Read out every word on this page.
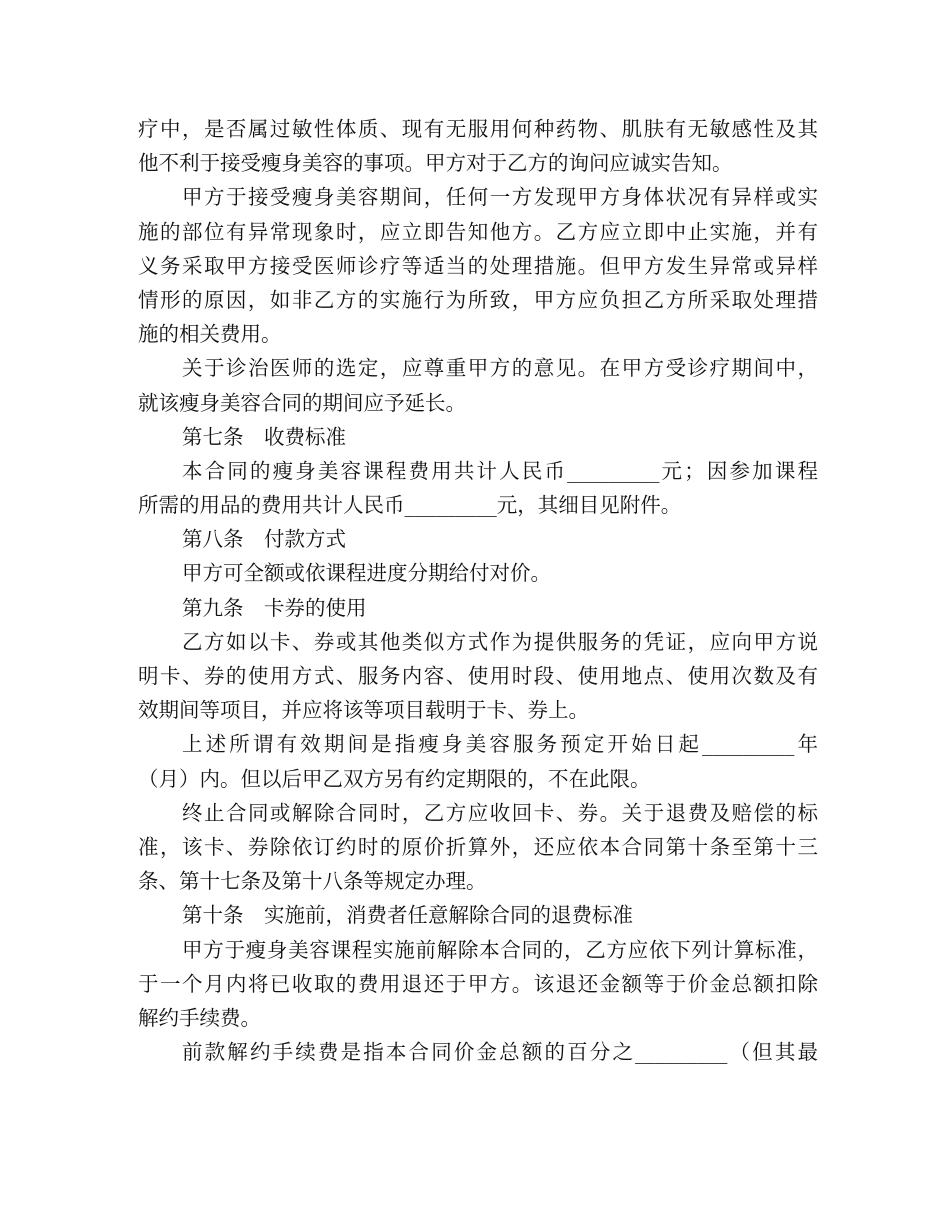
疗中，是否属过敏性体质、现有无服用何种药物、肌肤有无敏感性及其
他不利于接受瘦身美容的事项。甲方对于乙方的询问应诚实告知。
甲方于接受瘦身美容期间，任何一方发现甲方身体状况有异样或实
施的部位有异常现象时，应立即告知他方。乙方应立即中止实施，并有
义务采取甲方接受医师诊疗等适当的处理措施。但甲方发生异常或异样
情形的原因，如非乙方的实施行为所致，甲方应负担乙方所采取处理措
施的相关费用。
关于诊治医师的选定，应尊重甲方的意见。在甲方受诊疗期间中，
就该瘦身美容合同的期间应予延长。
第七条　收费标准
本合同的瘦身美容课程费用共计人民币_________元；因参加课程
所需的用品的费用共计人民币_________元，其细目见附件。
第八条　付款方式
甲方可全额或依课程进度分期给付对价。
第九条　卡券的使用
乙方如以卡、券或其他类似方式作为提供服务的凭证，应向甲方说
明卡、券的使用方式、服务内容、使用时段、使用地点、使用次数及有
效期间等项目，并应将该等项目载明于卡、券上。
上述所谓有效期间是指瘦身美容服务预定开始日起_________年
（月）内。但以后甲乙双方另有约定期限的，不在此限。
终止合同或解除合同时，乙方应收回卡、券。关于退费及赔偿的标
准，该卡、券除依订约时的原价折算外，还应依本合同第十条至第十三
条、第十七条及第十八条等规定办理。
第十条　实施前，消费者任意解除合同的退费标准
甲方于瘦身美容课程实施前解除本合同的，乙方应依下列计算标准，
于一个月内将已收取的费用退还于甲方。该退还金额等于价金总额扣除
解约手续费。
前款解约手续费是指本合同价金总额的百分之_________（但其最
